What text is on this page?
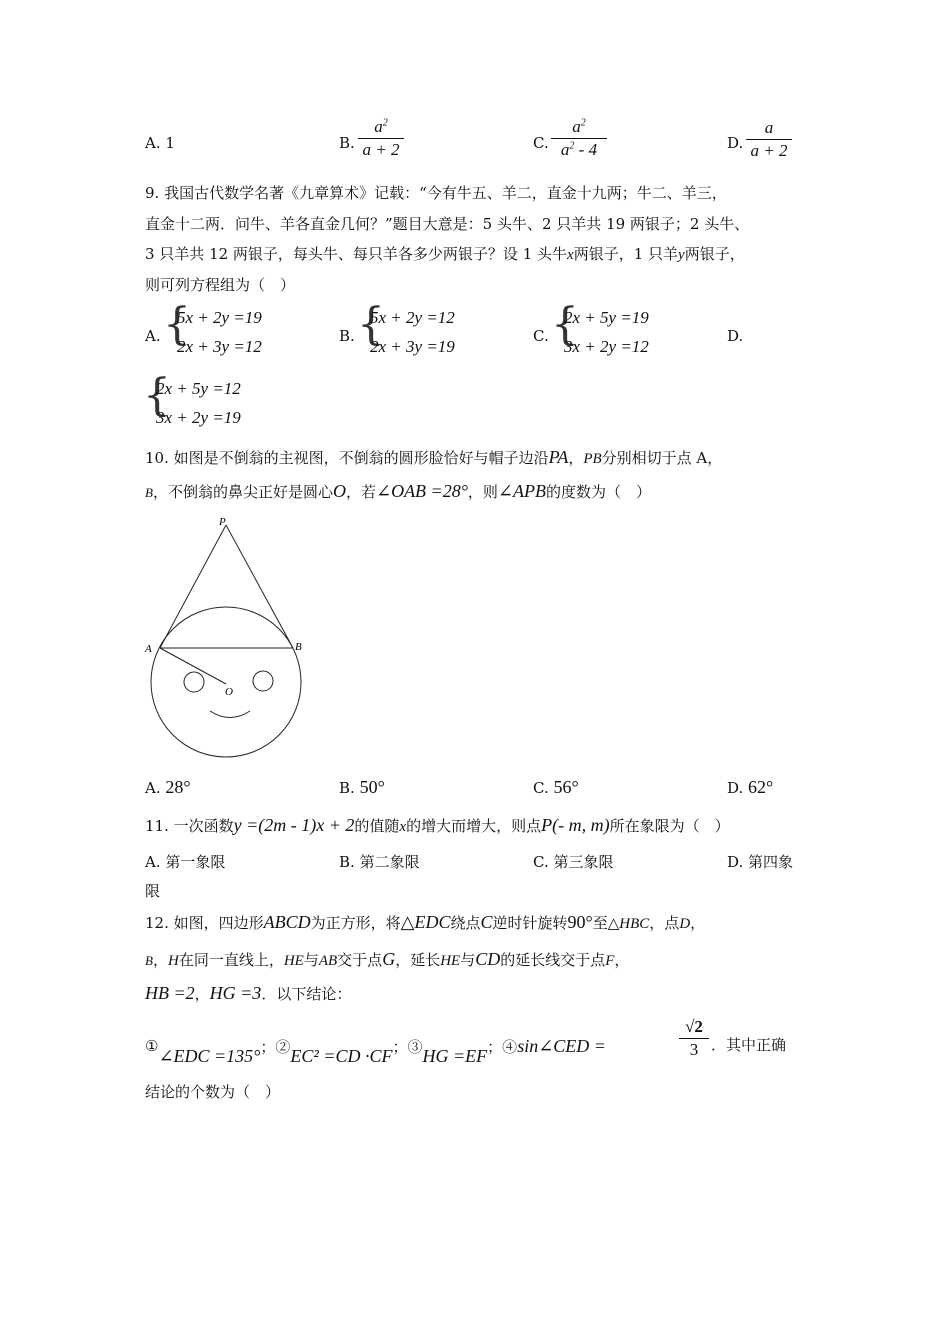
A. 1	B.
$a^2$
a + 2	C.
$a^2$
$a^2 - 4$	D.
a
a + 2
9. 我国古代数学名著《九章算术》记载：“今有牛五、羊二，直金十九两；牛二、羊三，
直金十二两．问牛、羊各直金几何？”题目大意是：5 头牛、2 只羊共 19 两银子；2 头牛、
3 只羊共 12 两银子，每头牛、每只羊各多少两银子？设 1 头牛x两银子，1 只羊y两银子，
则可列方程组为（　）
A. {
5x + 2y =19
2x + 3y =12
B. {
5x + 2y =12
2x + 3y =19
C. {
2x + 5y =19
3x + 2y =12
D.
{
2x + 5y =12
3x + 2y =19
10. 如图是不倒翁的主视图，不倒翁的圆形脸恰好与帽子边沿PA，PB分别相切于点 A，
B，不倒翁的鼻尖正好是圆心O，若∠OAB =28°，则∠APB的度数为（　）
P
A	B
O
A. 28°	B. 50°	C. 56°	D. 62°
11. 一次函数y =(2m - 1)x + 2的值随x的增大而增大，则点P(- m, m)所在象限为（　）
A. 第一象限	B. 第二象限	C. 第三象限	D. 第四象
限
12. 如图，四边形ABCD为正方形，将△EDC绕点C逆时针旋转90°至△HBC，点D，
B，H在同一直线上，HE与AB交于点G，延长HE与CD的延长线交于点F，
HB =2，HG =3．以下结论：
①∠EDC =135°；②EC² =CD ·CF；③HG =EF；④sin∠CED =
√2
3 ．其中正确
结论的个数为（　）
